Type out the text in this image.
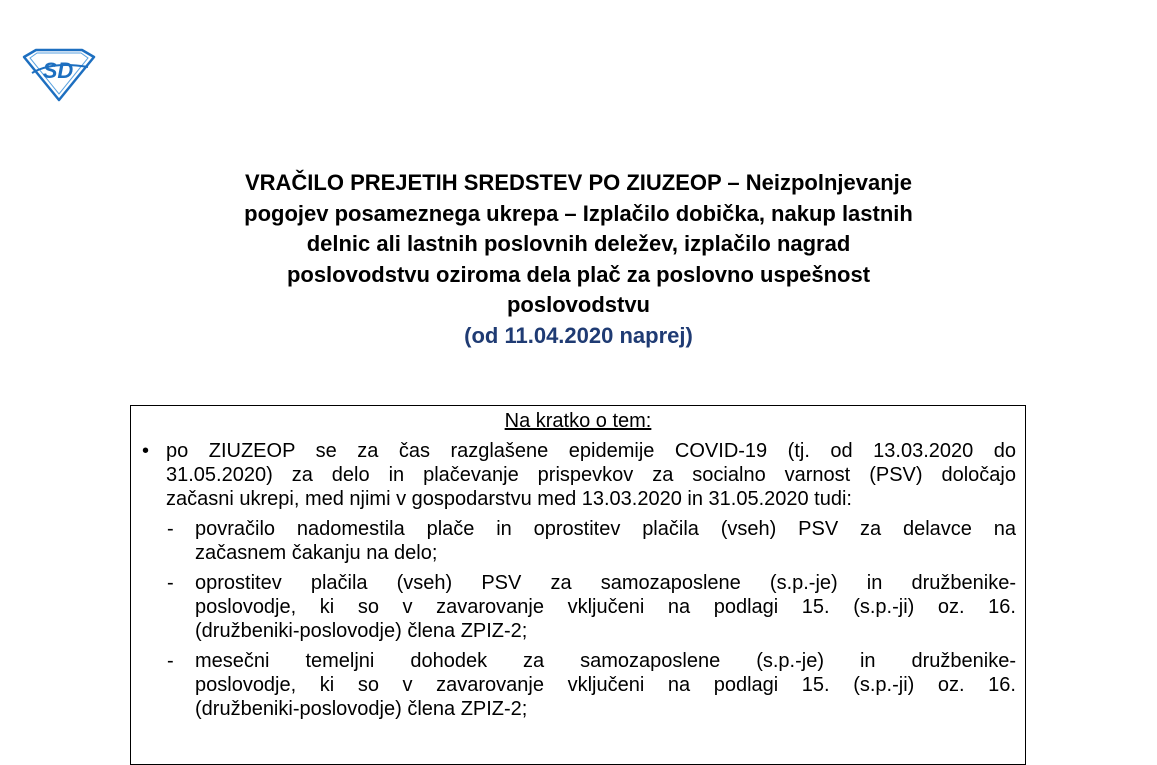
SD
VRAČILO PREJETIH SREDSTEV PO ZIUZEOP – Neizpolnjevanje
pogojev posameznega ukrepa – Izplačilo dobička, nakup lastnih
delnic ali lastnih poslovnih deležev, izplačilo nagrad
poslovodstvu oziroma dela plač za poslovno uspešnost
poslovodstvu
(od 11.04.2020 naprej)
Na kratko o tem:
• po ZIUZEOP se za čas razglašene epidemije COVID-19 (tj. od 13.03.2020 do
31.05.2020) za delo in plačevanje prispevkov za socialno varnost (PSV) določajo
začasni ukrepi, med njimi v gospodarstvu med 13.03.2020 in 31.05.2020 tudi:
- povračilo nadomestila plače in oprostitev plačila (vseh) PSV za delavce na
začasnem čakanju na delo;
- oprostitev plačila (vseh) PSV za samozaposlene (s.p.-je) in družbenike-
poslovodje, ki so v zavarovanje vključeni na podlagi 15. (s.p.-ji) oz. 16.
(družbeniki-poslovodje) člena ZPIZ-2;
- mesečni temeljni dohodek za samozaposlene (s.p.-je) in družbenike-
poslovodje, ki so v zavarovanje vključeni na podlagi 15. (s.p.-ji) oz. 16.
(družbeniki-poslovodje) člena ZPIZ-2;
